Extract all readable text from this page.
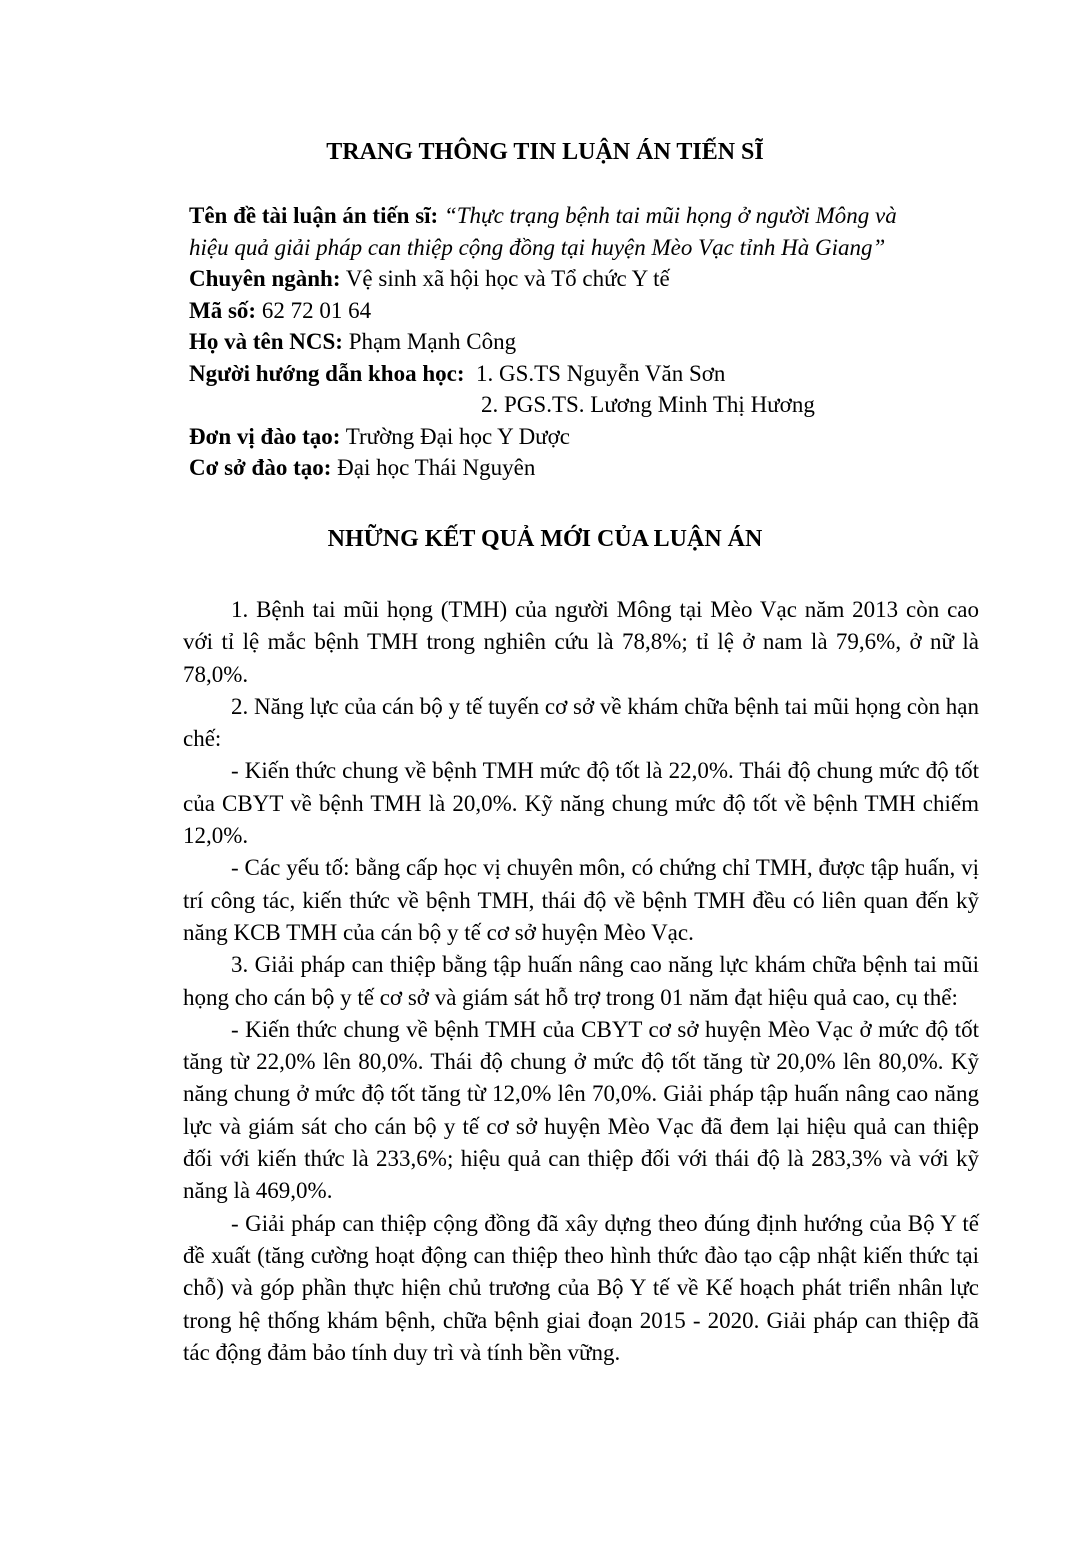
TRANG THÔNG TIN LUẬN ÁN TIẾN SĨ
Tên đề tài luận án tiến sĩ: “Thực trạng bệnh tai mũi họng ở người Mông và
hiệu quả giải pháp can thiệp cộng đồng tại huyện Mèo Vạc tỉnh Hà Giang”
Chuyên ngành: Vệ sinh xã hội học và Tổ chức Y tế
Mã số: 62 72 01 64
Họ và tên NCS: Phạm Mạnh Công
Người hướng dẫn khoa học:  1. GS.TS Nguyễn Văn Sơn
2. PGS.TS. Lương Minh Thị Hương
Đơn vị đào tạo: Trường Đại học Y Dược
Cơ sở đào tạo: Đại học Thái Nguyên
NHỮNG KẾT QUẢ MỚI CỦA LUẬN ÁN

1. Bệnh tai mũi họng (TMH) của người Mông tại Mèo Vạc năm 2013 còn cao với tỉ lệ mắc bệnh TMH trong nghiên cứu là 78,8%; tỉ lệ ở nam là 79,6%, ở nữ là 78,0%.

2. Năng lực của cán bộ y tế tuyến cơ sở về khám chữa bệnh tai mũi họng còn hạn chế:

- Kiến thức chung về bệnh TMH mức độ tốt là 22,0%. Thái độ chung mức độ tốt của CBYT về bệnh TMH là 20,0%. Kỹ năng chung mức độ tốt về bệnh TMH chiếm 12,0%.

- Các yếu tố: bằng cấp học vị chuyên môn, có chứng chỉ TMH, được tập huấn, vị trí công tác, kiến thức về bệnh TMH, thái độ về bệnh TMH đều có liên quan đến kỹ năng KCB TMH của cán bộ y tế cơ sở huyện Mèo Vạc.

3. Giải pháp can thiệp bằng tập huấn nâng cao năng lực khám chữa bệnh tai mũi họng cho cán bộ y tế cơ sở và giám sát hỗ trợ trong 01 năm đạt hiệu quả cao, cụ thể:

- Kiến thức chung về bệnh TMH của CBYT cơ sở huyện Mèo Vạc ở mức độ tốt tăng từ 22,0% lên 80,0%. Thái độ chung ở mức độ tốt tăng từ 20,0% lên 80,0%. Kỹ năng chung ở mức độ tốt tăng từ 12,0% lên 70,0%. Giải pháp tập huấn nâng cao năng lực và giám sát cho cán bộ y tế cơ sở huyện Mèo Vạc đã đem lại hiệu quả can thiệp đối với kiến thức là 233,6%; hiệu quả can thiệp đối với thái độ là 283,3% và với kỹ năng là 469,0%.

- Giải pháp can thiệp cộng đồng đã xây dựng theo đúng định hướng của Bộ Y tế đề xuất (tăng cường hoạt động can thiệp theo hình thức đào tạo cập nhật kiến thức tại chỗ) và góp phần thực hiện chủ trương của Bộ Y tế về Kế hoạch phát triển nhân lực trong hệ thống khám bệnh, chữa bệnh giai đoạn 2015 - 2020. Giải pháp can thiệp đã tác động đảm bảo tính duy trì và tính bền vững.
